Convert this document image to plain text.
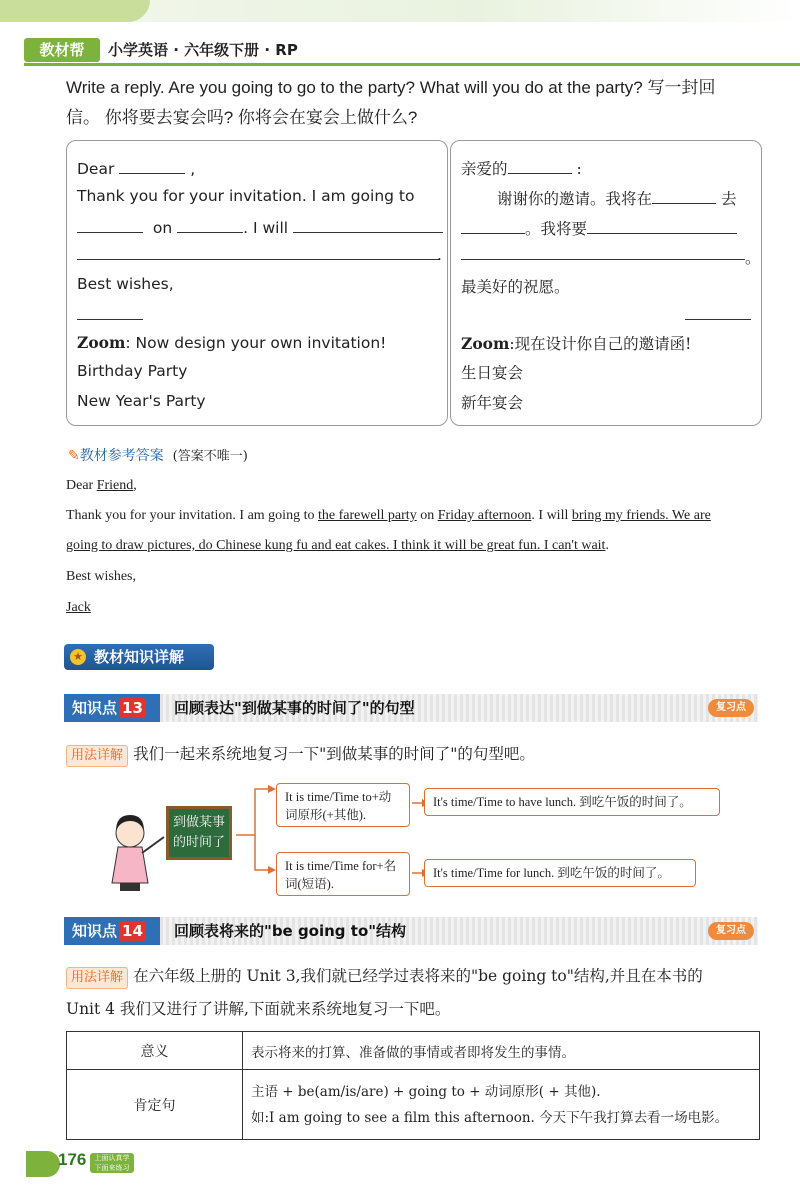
教材帮	小学英语 · 六年级下册 · RP
Write a reply. Are you going to go to the party? What will you do at the party? 写一封回
信。 你将要去宴会吗? 你将会在宴会上做什么?
Dear	,
Thank you for your invitation. I am going to
on	. I will
.
Best wishes,
Zoom: Now design your own invitation!
Birthday Party
New Year's Party
亲爱的	:
谢谢你的邀请。我将在	去
。我将要
。
最美好的祝愿。
Zoom:现在设计你自己的邀请函!
生日宴会
新年宴会
✎教材参考答案 (答案不唯一)
Dear Friend,
Thank you for your invitation. I am going to the farewell party on Friday afternoon. I will bring my friends. We are
going to draw pictures, do Chinese kung fu and eat cakes. I think it will be great fun. I can't wait.
Best wishes,
Jack
教材知识详解
★
知识点 13	回顾表达"到做某事的时间了"的句型	复习点
用法详解 我们一起来系统地复习一下"到做某事的时间了"的句型吧。
到做某事的时间了
It is time/Time to+动词原形(+其他).
It's time/Time to have lunch. 到吃午饭的时间了。
It is time/Time for+名词(短语).
It's time/Time for lunch. 到吃午饭的时间了。
知识点 14	回顾表将来的"be going to"结构	复习点
用法详解 在六年级上册的 Unit 3,我们就已经学过表将来的"be going to"结构,并且在本书的
Unit 4 我们又进行了讲解,下面就来系统地复习一下吧。
意义	表示将来的打算、准备做的事情或者即将发生的事情。
肯定句	主语 + be(am/is/are) + going to + 动词原形( + 其他).
如:I am going to see a film this afternoon. 今天下午我打算去看一场电影。
176	上面认真学 下面来练习
